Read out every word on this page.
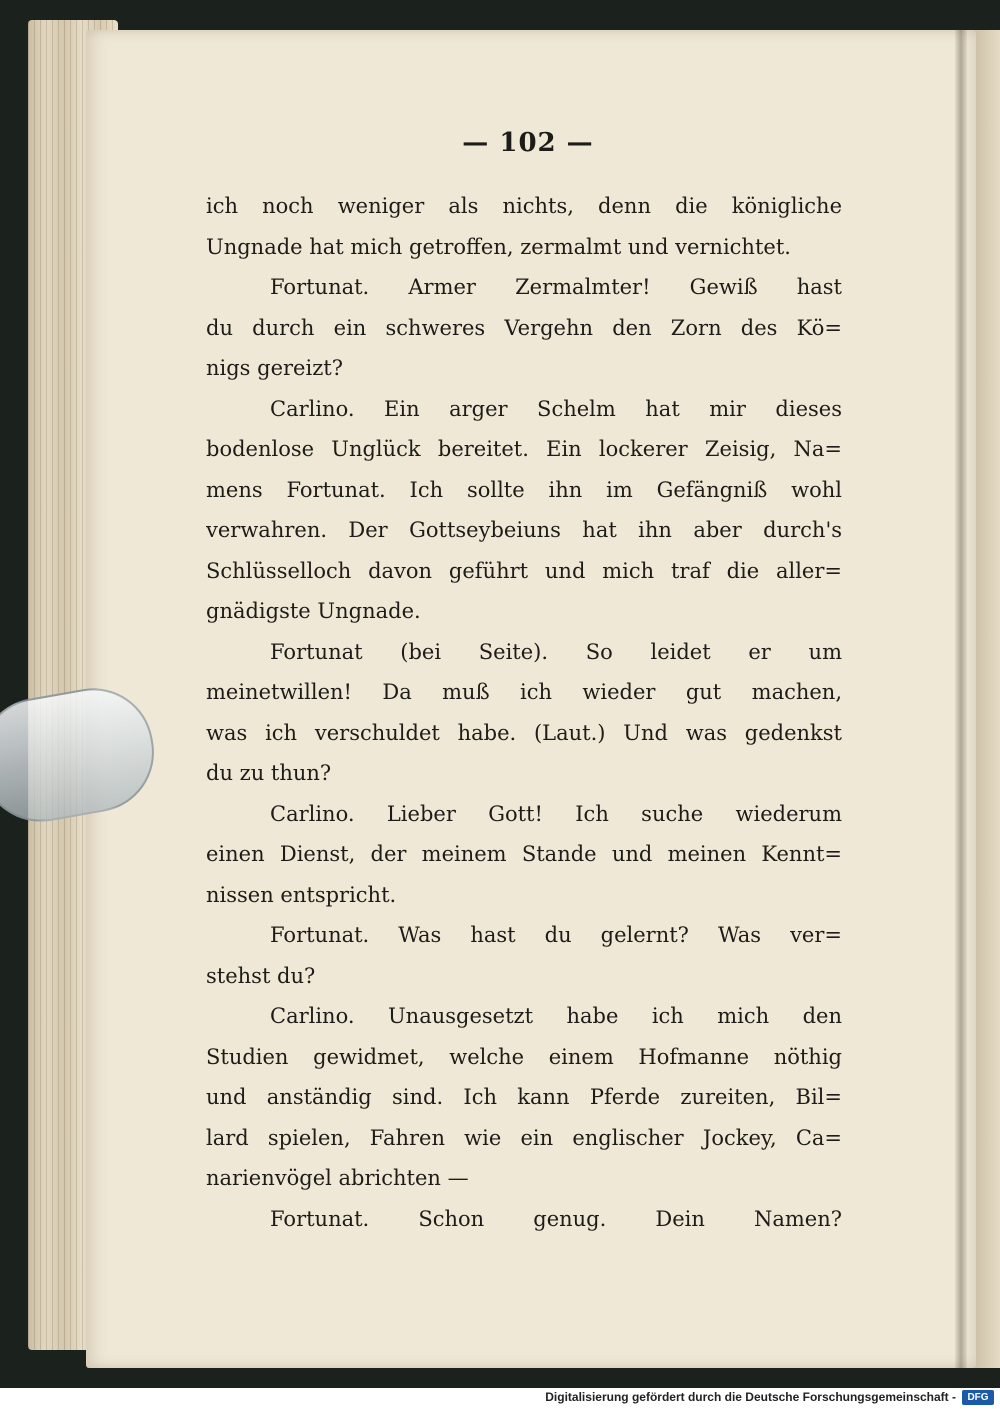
— 102 —
ich noch weniger als nichts, denn die königliche
Ungnade hat mich getroffen, zermalmt und vernichtet.
Fortunat. Armer Zermalmter! Gewiß hast
du durch ein schweres Vergehn den Zorn des Kö=
nigs gereizt?
Carlino. Ein arger Schelm hat mir dieses
bodenlose Unglück bereitet. Ein lockerer Zeisig, Na=
mens Fortunat. Ich sollte ihn im Gefängniß wohl
verwahren. Der Gottseybeiuns hat ihn aber durch's
Schlüsselloch davon geführt und mich traf die aller=
gnädigste Ungnade.
Fortunat (bei Seite). So leidet er um
meinetwillen! Da muß ich wieder gut machen,
was ich verschuldet habe. (Laut.) Und was gedenkst
du zu thun?
Carlino. Lieber Gott! Ich suche wiederum
einen Dienst, der meinem Stande und meinen Kennt=
nissen entspricht.
Fortunat. Was hast du gelernt? Was ver=
stehst du?
Carlino. Unausgesetzt habe ich mich den
Studien gewidmet, welche einem Hofmanne nöthig
und anständig sind. Ich kann Pferde zureiten, Bil=
lard spielen, Fahren wie ein englischer Jockey, Ca=
narienvögel abrichten —
Fortunat. Schon genug. Dein Namen?
Digitalisierung gefördert durch die Deutsche Forschungsgemeinschaft -	DFG
